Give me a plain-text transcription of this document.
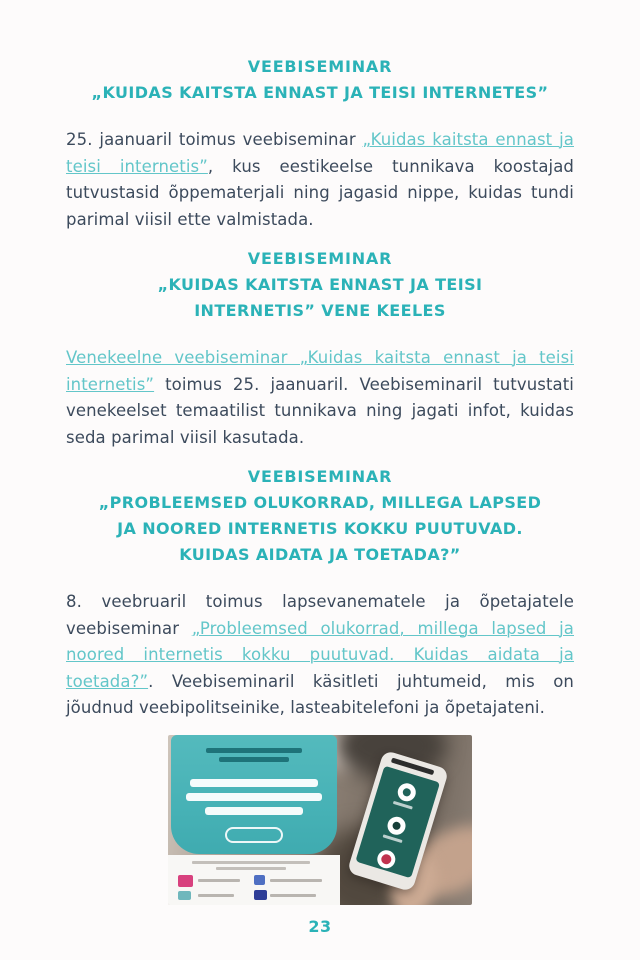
VEEBISEMINAR
„KUIDAS KAITSTA ENNAST JA TEISI INTERNETES”

25. jaanuaril toimus veebiseminar „Kuidas kaitsta ennast ja teisi internetis”, kus eestikeelse tunnikava koostajad tutvustasid õppematerjali ning jagasid nippe, kuidas tundi parimal viisil ette valmistada.

VEEBISEMINAR
„KUIDAS KAITSTA ENNAST JA TEISI
INTERNETIS” VENE KEELES

Venekeelne veebiseminar „Kuidas kaitsta ennast ja teisi internetis” toimus 25. jaanuaril. Veebiseminaril tutvustati venekeelset temaatilist tunnikava ning jagati infot, kuidas seda parimal viisil kasutada.

VEEBISEMINAR
„PROBLEEMSED OLUKORRAD, MILLEGA LAPSED
JA NOORED INTERNETIS KOKKU PUUTUVAD.
KUIDAS AIDATA JA TOETADA?”

8. veebruaril toimus lapsevanematele ja õpetajatele veebiseminar „Probleemsed olukorrad, millega lapsed ja noored internetis kokku puutuvad. Kuidas aidata ja toetada?”. Veebiseminaril käsitleti juhtumeid, mis on jõudnud veebipolitseinike, lasteabitelefoni ja õpetajateni.

23
